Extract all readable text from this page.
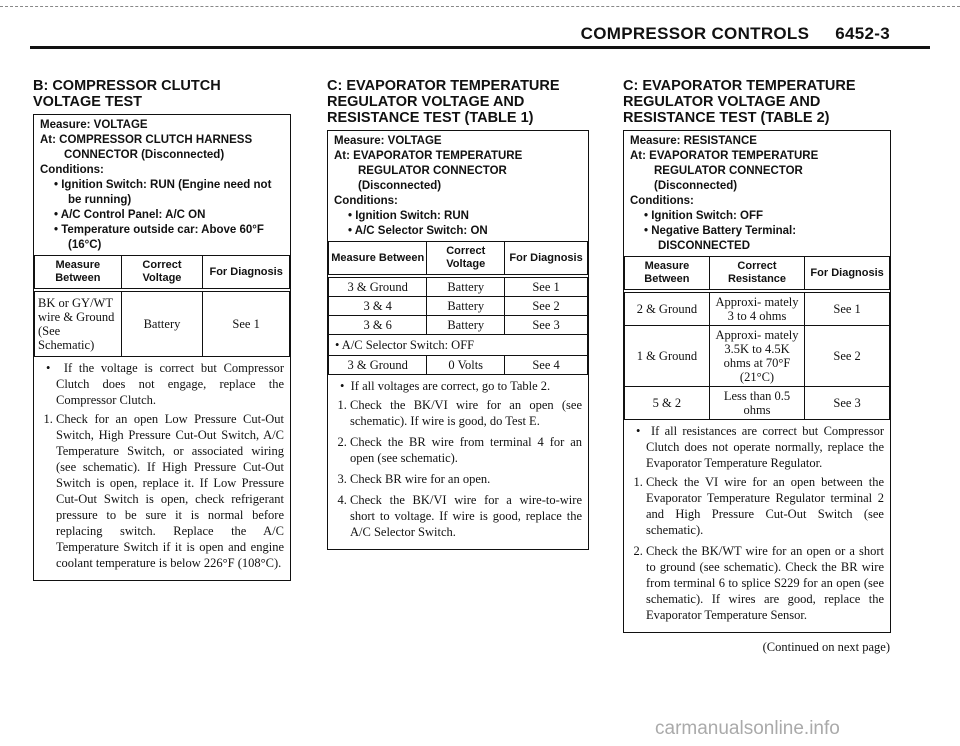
COMPRESSOR CONTROLS 6452-3
B: COMPRESSOR CLUTCH VOLTAGE TEST
Measure: VOLTAGE
At: COMPRESSOR CLUTCH HARNESS
CONNECTOR (Disconnected)
Conditions:
• Ignition Switch: RUN (Engine need not
be running)
• A/C Control Panel: A/C ON
• Temperature outside car: Above 60°F
(16°C)
Measure Between	Correct Voltage	For Diagnosis
BK or GY/WT wire & Ground (See Schematic)	Battery	See 1
•  If the voltage is correct but Compressor Clutch does not engage, replace the Compressor Clutch.
1. Check for an open Low Pressure Cut-Out Switch, High Pressure Cut-Out Switch, A/C Temperature Switch, or associated wiring (see schematic). If High Pressure Cut-Out Switch is open, replace it. If Low Pressure Cut-Out Switch is open, check refrigerant pressure to be sure it is normal before replacing switch. Replace the A/C Temperature Switch if it is open and engine coolant temperature is below 226°F (108°C).
C: EVAPORATOR TEMPERATURE REGULATOR VOLTAGE AND RESISTANCE TEST (TABLE 1)
Measure: VOLTAGE
At: EVAPORATOR TEMPERATURE
REGULATOR CONNECTOR
(Disconnected)
Conditions:
• Ignition Switch: RUN
• A/C Selector Switch: ON
Measure Between	Correct Voltage	For Diagnosis
3 & Ground	Battery	See 1
3 & 4	Battery	See 2
3 & 6	Battery	See 3
• A/C Selector Switch: OFF		
3 & Ground	0 Volts	See 4
•  If all voltages are correct, go to Table 2.
1. Check the BK/VI wire for an open (see schematic). If wire is good, do Test E.
2. Check the BR wire from terminal 4 for an open (see schematic).
3. Check BR wire for an open.
4. Check the BK/VI wire for a wire-to-wire short to voltage. If wire is good, replace the A/C Selector Switch.
C: EVAPORATOR TEMPERATURE REGULATOR VOLTAGE AND RESISTANCE TEST (TABLE 2)
Measure: RESISTANCE
At: EVAPORATOR TEMPERATURE
REGULATOR CONNECTOR
(Disconnected)
Conditions:
• Ignition Switch: OFF
• Negative Battery Terminal:
DISCONNECTED
Measure Between	Correct Resistance	For Diagnosis
2 & Ground	Approxi- mately 3 to 4 ohms	See 1
1 & Ground	Approxi- mately 3.5K to 4.5K ohms at 70°F (21°C)	See 2
5 & 2	Less than 0.5 ohms	See 3
•  If all resistances are correct but Compressor Clutch does not operate normally, replace the Evaporator Temperature Regulator.
1. Check the VI wire for an open between the Evaporator Temperature Regulator terminal 2 and High Pressure Cut-Out Switch (see schematic).
2. Check the BK/WT wire for an open or a short to ground (see schematic). Check the BR wire from terminal 6 to splice S229 for an open (see schematic). If wires are good, replace the Evaporator Temperature Sensor.
(Continued on next page)
carmanualsonline.info
